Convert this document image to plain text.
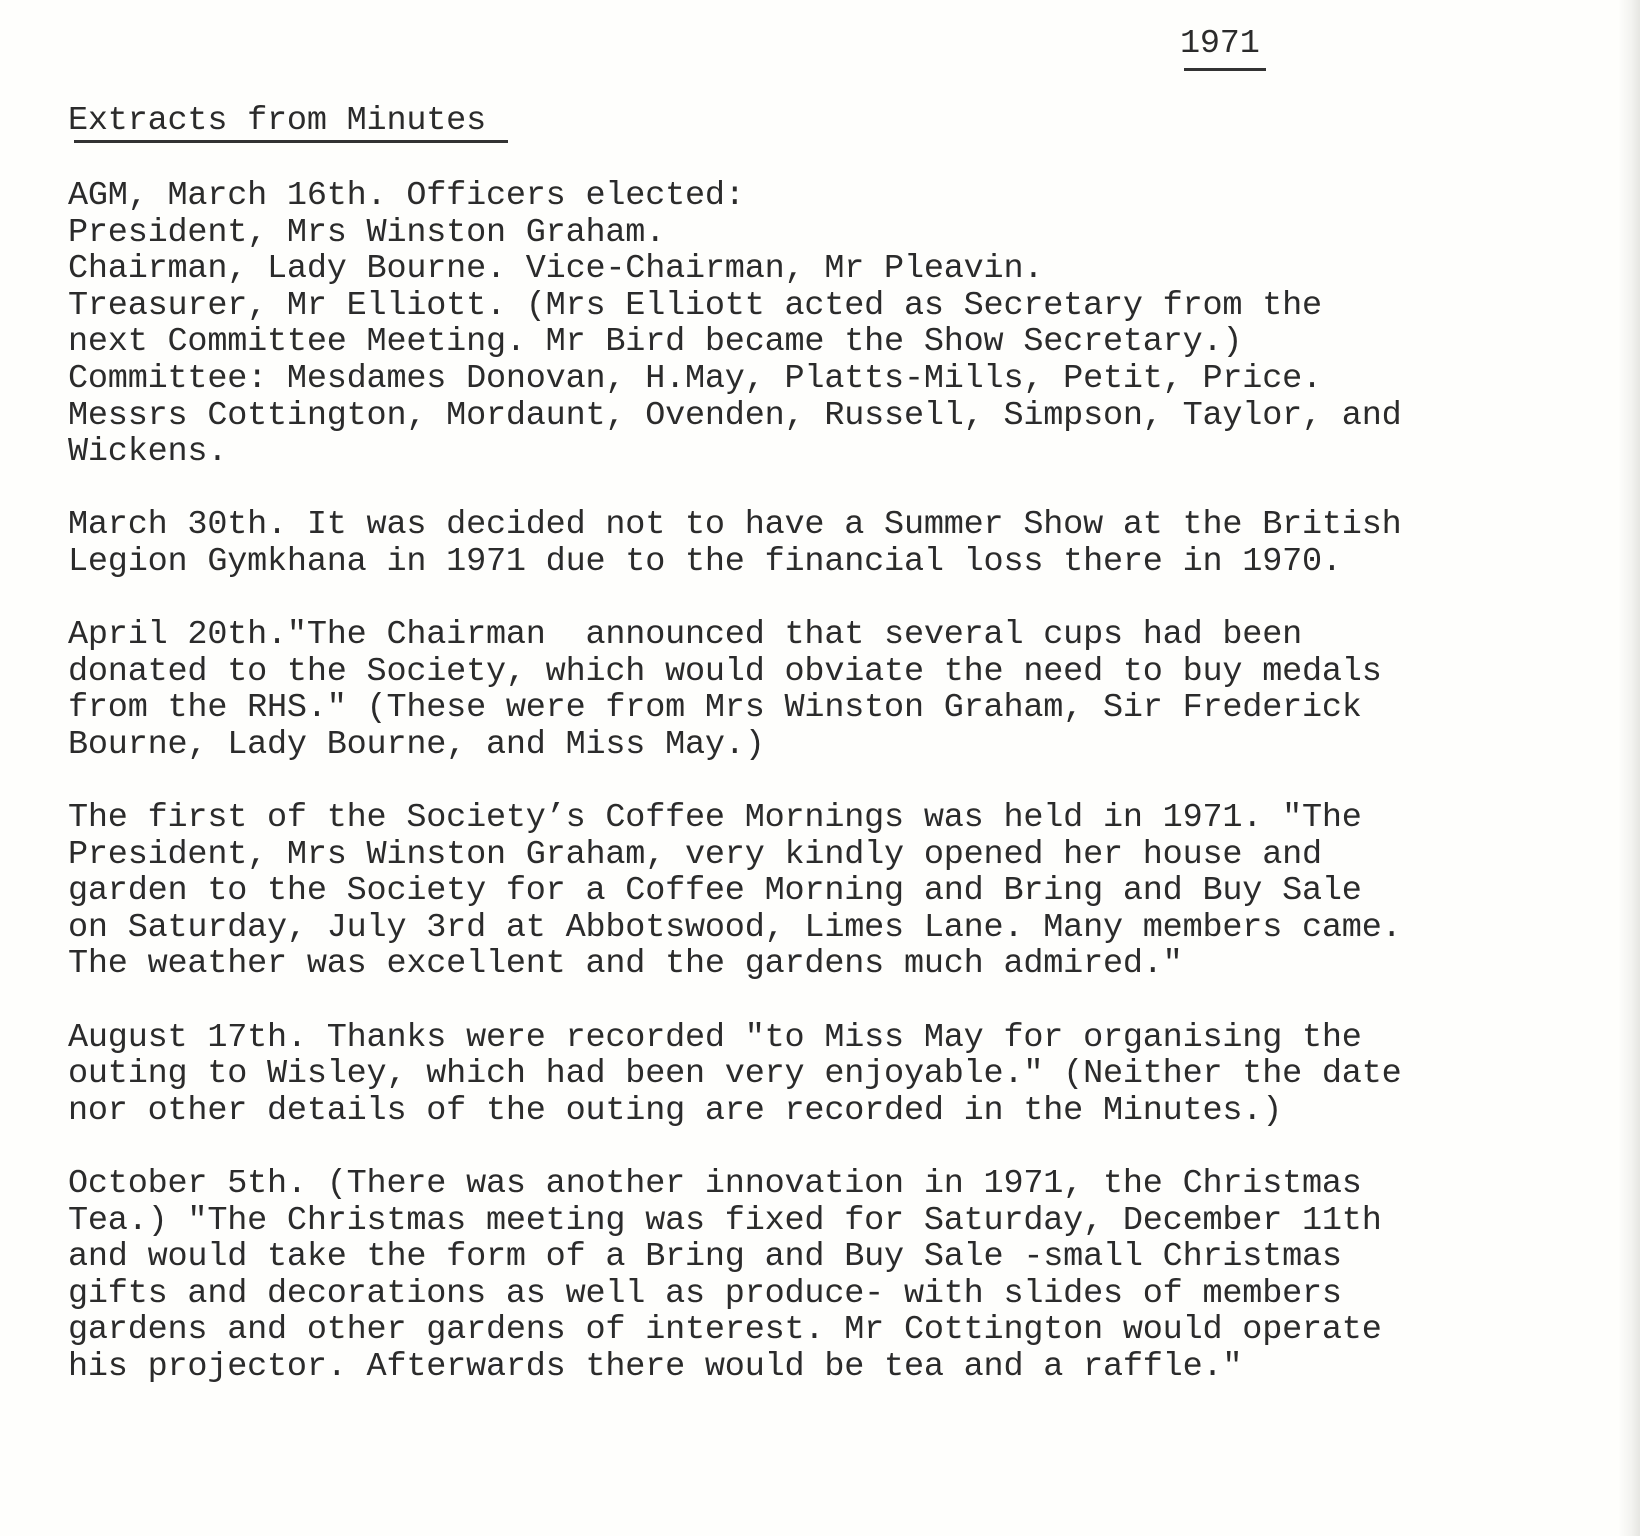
1971
Extracts from Minutes
AGM, March 16th. Officers elected:
President, Mrs Winston Graham.
Chairman, Lady Bourne. Vice-Chairman, Mr Pleavin.
Treasurer, Mr Elliott. (Mrs Elliott acted as Secretary from the
next Committee Meeting. Mr Bird became the Show Secretary.)
Committee: Mesdames Donovan, H.May, Platts-Mills, Petit, Price.
Messrs Cottington, Mordaunt, Ovenden, Russell, Simpson, Taylor, and
Wickens.
March 30th. It was decided not to have a Summer Show at the British
Legion Gymkhana in 1971 due to the financial loss there in 1970.
April 20th."The Chairman  announced that several cups had been
donated to the Society, which would obviate the need to buy medals
from the RHS." (These were from Mrs Winston Graham, Sir Frederick
Bourne, Lady Bourne, and Miss May.)
The first of the Society’s Coffee Mornings was held in 1971. "The
President, Mrs Winston Graham, very kindly opened her house and
garden to the Society for a Coffee Morning and Bring and Buy Sale
on Saturday, July 3rd at Abbotswood, Limes Lane. Many members came.
The weather was excellent and the gardens much admired."
August 17th. Thanks were recorded "to Miss May for organising the
outing to Wisley, which had been very enjoyable." (Neither the date
nor other details of the outing are recorded in the Minutes.)
October 5th. (There was another innovation in 1971, the Christmas
Tea.) "The Christmas meeting was fixed for Saturday, December 11th
and would take the form of a Bring and Buy Sale -small Christmas
gifts and decorations as well as produce- with slides of members
gardens and other gardens of interest. Mr Cottington would operate
his projector. Afterwards there would be tea and a raffle."
